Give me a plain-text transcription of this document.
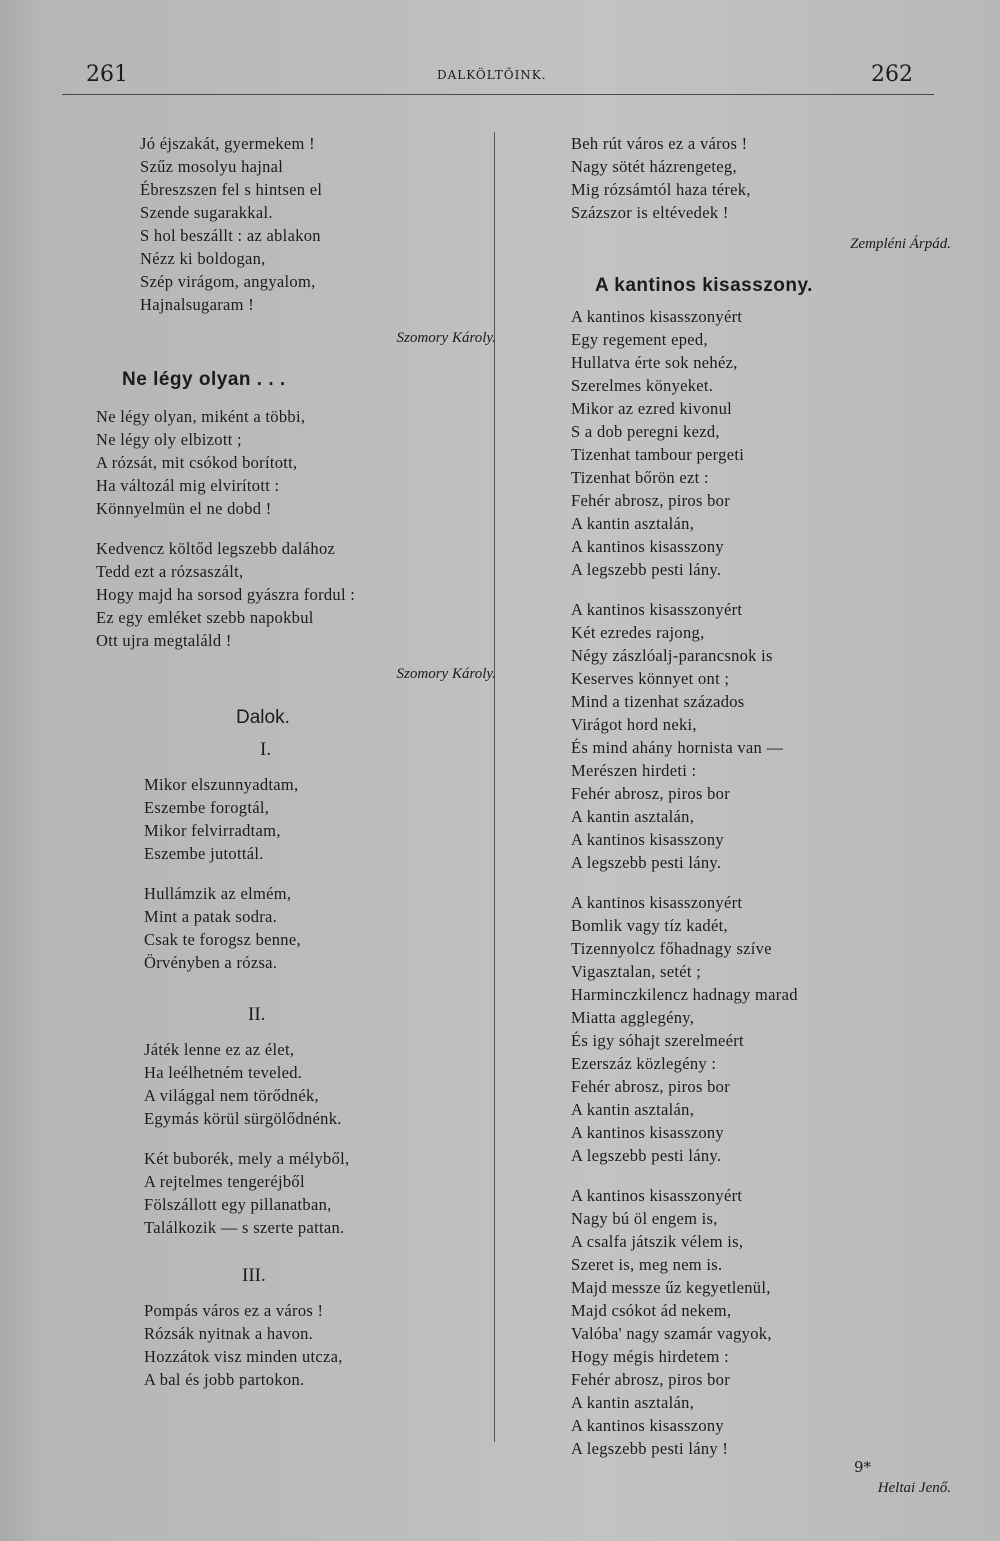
261	DALKÖLTŐINK.	262
Jó éjszakát, gyermekem !
Szűz mosolyu hajnal
Ébreszszen fel s hintsen el
Szende sugarakkal.
S hol beszállt : az ablakon
Nézz ki boldogan,
Szép virágom, angyalom,
Hajnalsugaram !
Szomory Károly.
Ne légy olyan . . .
Ne légy olyan, miként a többi,
Ne légy oly elbizott ;
A rózsát, mit csókod borított,
Ha változál mig elvirított :
Könnyelmün el ne dobd !
Kedvencz költőd legszebb dalához
Tedd ezt a rózsaszált,
Hogy majd ha sorsod gyászra fordul :
Ez egy emléket szebb napokbul
Ott ujra megtaláld !
Szomory Károly.
Dalok.
I.
Mikor elszunnyadtam,
Eszembe forogtál,
Mikor felvirradtam,
Eszembe jutottál.
Hullámzik az elmém,
Mint a patak sodra.
Csak te forogsz benne,
Örvényben a rózsa.
II.
Játék lenne ez az élet,
Ha leélhetném teveled.
A világgal nem törődnék,
Egymás körül sürgölődnénk.
Két buborék, mely a mélyből,
A rejtelmes tengeréjből
Fölszállott egy pillanatban,
Találkozik — s szerte pattan.
III.
Pompás város ez a város !
Rózsák nyitnak a havon.
Hozzátok visz minden utcza,
A bal és jobb partokon.
Beh rút város ez a város !
Nagy sötét házrengeteg,
Mig rózsámtól haza térek,
Százszor is eltévedek !
Zempléni Árpád.
A kantinos kisasszony.
A kantinos kisasszonyért
Egy regement eped,
Hullatva érte sok nehéz,
Szerelmes könyeket.
Mikor az ezred kivonul
S a dob peregni kezd,
Tizenhat tambour pergeti
Tizenhat bőrön ezt :
Fehér abrosz, piros bor
A kantin asztalán,
A kantinos kisasszony
A legszebb pesti lány.
A kantinos kisasszonyért
Két ezredes rajong,
Négy zászlóalj-parancsnok is
Keserves könnyet ont ;
Mind a tizenhat százados
Virágot hord neki,
És mind ahány hornista van —
Merészen hirdeti :
Fehér abrosz, piros bor
A kantin asztalán,
A kantinos kisasszony
A legszebb pesti lány.
A kantinos kisasszonyért
Bomlik vagy tíz kadét,
Tizennyolcz főhadnagy szíve
Vigasztalan, setét ;
Harminczkilencz hadnagy marad
Miatta agglegény,
És igy sóhajt szerelmeért
Ezerszáz közlegény :
Fehér abrosz, piros bor
A kantin asztalán,
A kantinos kisasszony
A legszebb pesti lány.
A kantinos kisasszonyért
Nagy bú öl engem is,
A csalfa játszik vélem is,
Szeret is, meg nem is.
Majd messze űz kegyetlenül,
Majd csókot ád nekem,
Valóba' nagy szamár vagyok,
Hogy mégis hirdetem :
Fehér abrosz, piros bor
A kantin asztalán,
A kantinos kisasszony
A legszebb pesti lány !
Heltai Jenő.
9*
